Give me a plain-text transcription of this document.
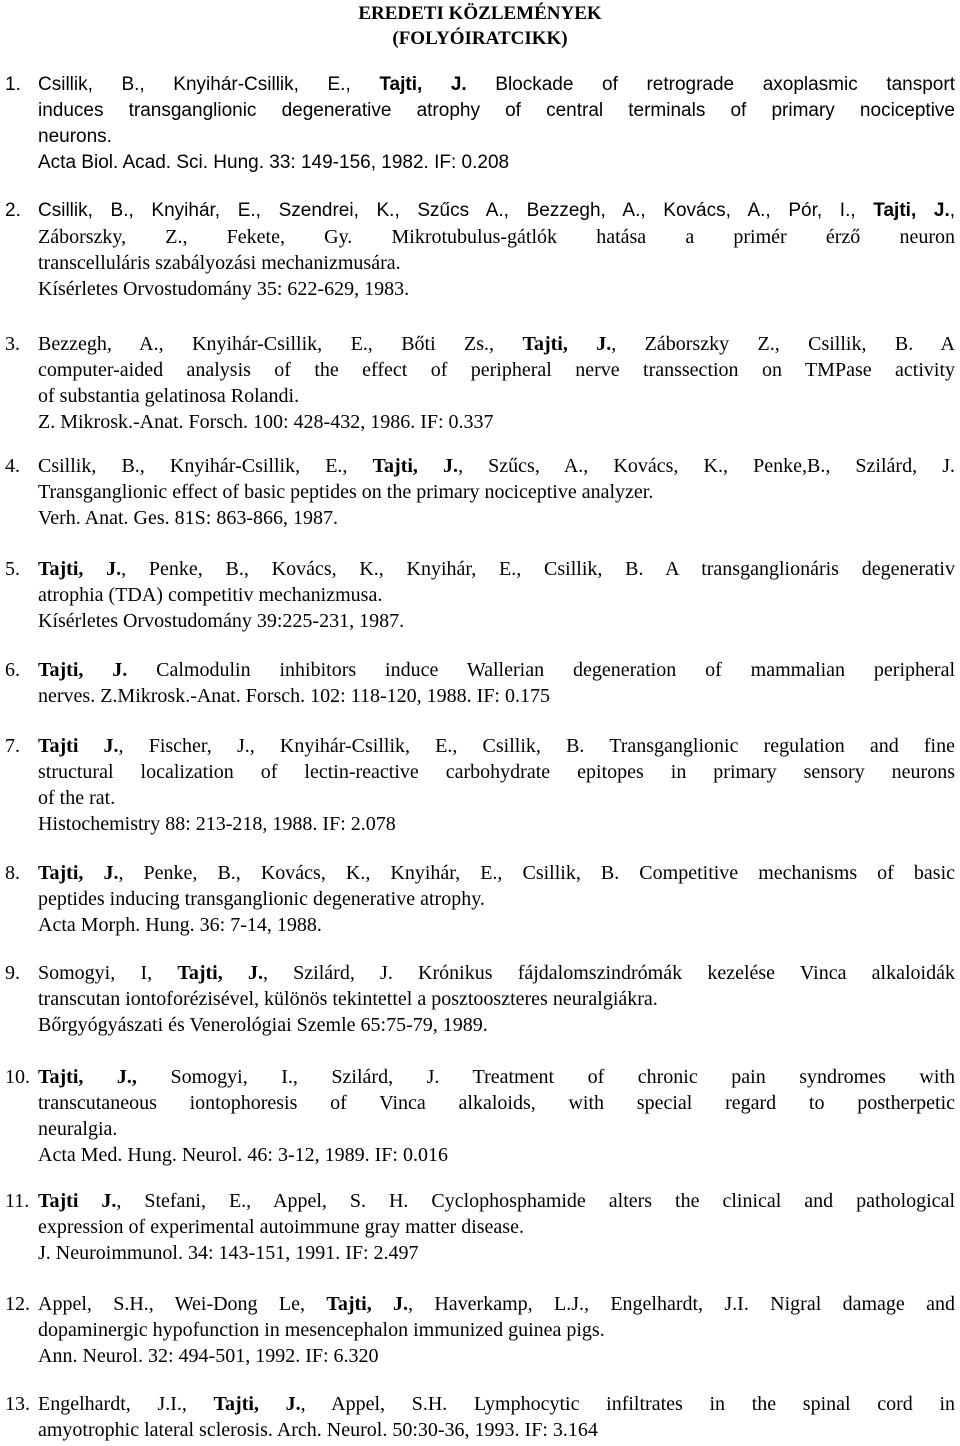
EREDETI KÖZLEMÉNYEK
(FOLYÓIRATCIKK)
1. Csillik, B., Knyihár-Csillik, E., Tajti, J. Blockade of retrograde axoplasmic tansport
induces transganglionic degenerative atrophy of central terminals of primary nociceptive
neurons.
Acta Biol. Acad. Sci. Hung. 33: 149-156, 1982. IF: 0.208
2. Csillik, B., Knyihár, E., Szendrei, K., Szűcs A., Bezzegh, A., Kovács, A., Pór, I., Tajti, J.,
Záborszky, Z., Fekete, Gy. Mikrotubulus-gátlók hatása a primér érző neuron
transcelluláris szabályozási mechanizmusára.
Kísérletes Orvostudomány 35: 622-629, 1983.
3. Bezzegh, A., Knyihár-Csillik, E., Bőti Zs., Tajti, J., Záborszky Z., Csillik, B. A
computer-aided analysis of the effect of peripheral nerve transsection on TMPase activity
of substantia gelatinosa Rolandi.
Z. Mikrosk.-Anat. Forsch. 100: 428-432, 1986. IF: 0.337
4. Csillik, B., Knyihár-Csillik, E., Tajti, J., Szűcs, A., Kovács, K., Penke,B., Szilárd, J.
Transganglionic effect of basic peptides on the primary nociceptive analyzer.
Verh. Anat. Ges. 81S: 863-866, 1987.
5. Tajti, J., Penke, B., Kovács, K., Knyihár, E., Csillik, B. A transganglionáris degenerativ
atrophia (TDA) competitiv mechanizmusa.
Kísérletes Orvostudomány 39:225-231, 1987.
6. Tajti, J. Calmodulin inhibitors induce Wallerian degeneration of mammalian peripheral
nerves. Z.Mikrosk.-Anat. Forsch. 102: 118-120, 1988. IF: 0.175
7. Tajti J., Fischer, J., Knyihár-Csillik, E., Csillik, B. Transganglionic regulation and fine
structural localization of lectin-reactive carbohydrate epitopes in primary sensory neurons
of the rat.
Histochemistry 88: 213-218, 1988. IF: 2.078
8. Tajti, J., Penke, B., Kovács, K., Knyihár, E., Csillik, B. Competitive mechanisms of basic
peptides inducing transganglionic degenerative atrophy.
Acta Morph. Hung. 36: 7-14, 1988.
9. Somogyi, I, Tajti, J., Szilárd, J. Krónikus fájdalomszindrómák kezelése Vinca alkaloidák
transcutan iontoforézisével, különös tekintettel a posztooszteres neuralgiákra.
Bőrgyógyászati és Venerológiai Szemle 65:75-79, 1989.
10. Tajti, J., Somogyi, I., Szilárd, J. Treatment of chronic pain syndromes with
transcutaneous iontophoresis of Vinca alkaloids, with special regard to postherpetic
neuralgia.
Acta Med. Hung. Neurol. 46: 3-12, 1989. IF: 0.016
11. Tajti J., Stefani, E., Appel, S. H. Cyclophosphamide alters the clinical and pathological
expression of experimental autoimmune gray matter disease.
J. Neuroimmunol. 34: 143-151, 1991. IF: 2.497
12. Appel, S.H., Wei-Dong Le, Tajti, J., Haverkamp, L.J., Engelhardt, J.I. Nigral damage and
dopaminergic hypofunction in mesencephalon immunized guinea pigs.
Ann. Neurol. 32: 494-501, 1992. IF: 6.320
13. Engelhardt, J.I., Tajti, J., Appel, S.H. Lymphocytic infiltrates in the spinal cord in
amyotrophic lateral sclerosis. Arch. Neurol. 50:30-36, 1993. IF: 3.164
